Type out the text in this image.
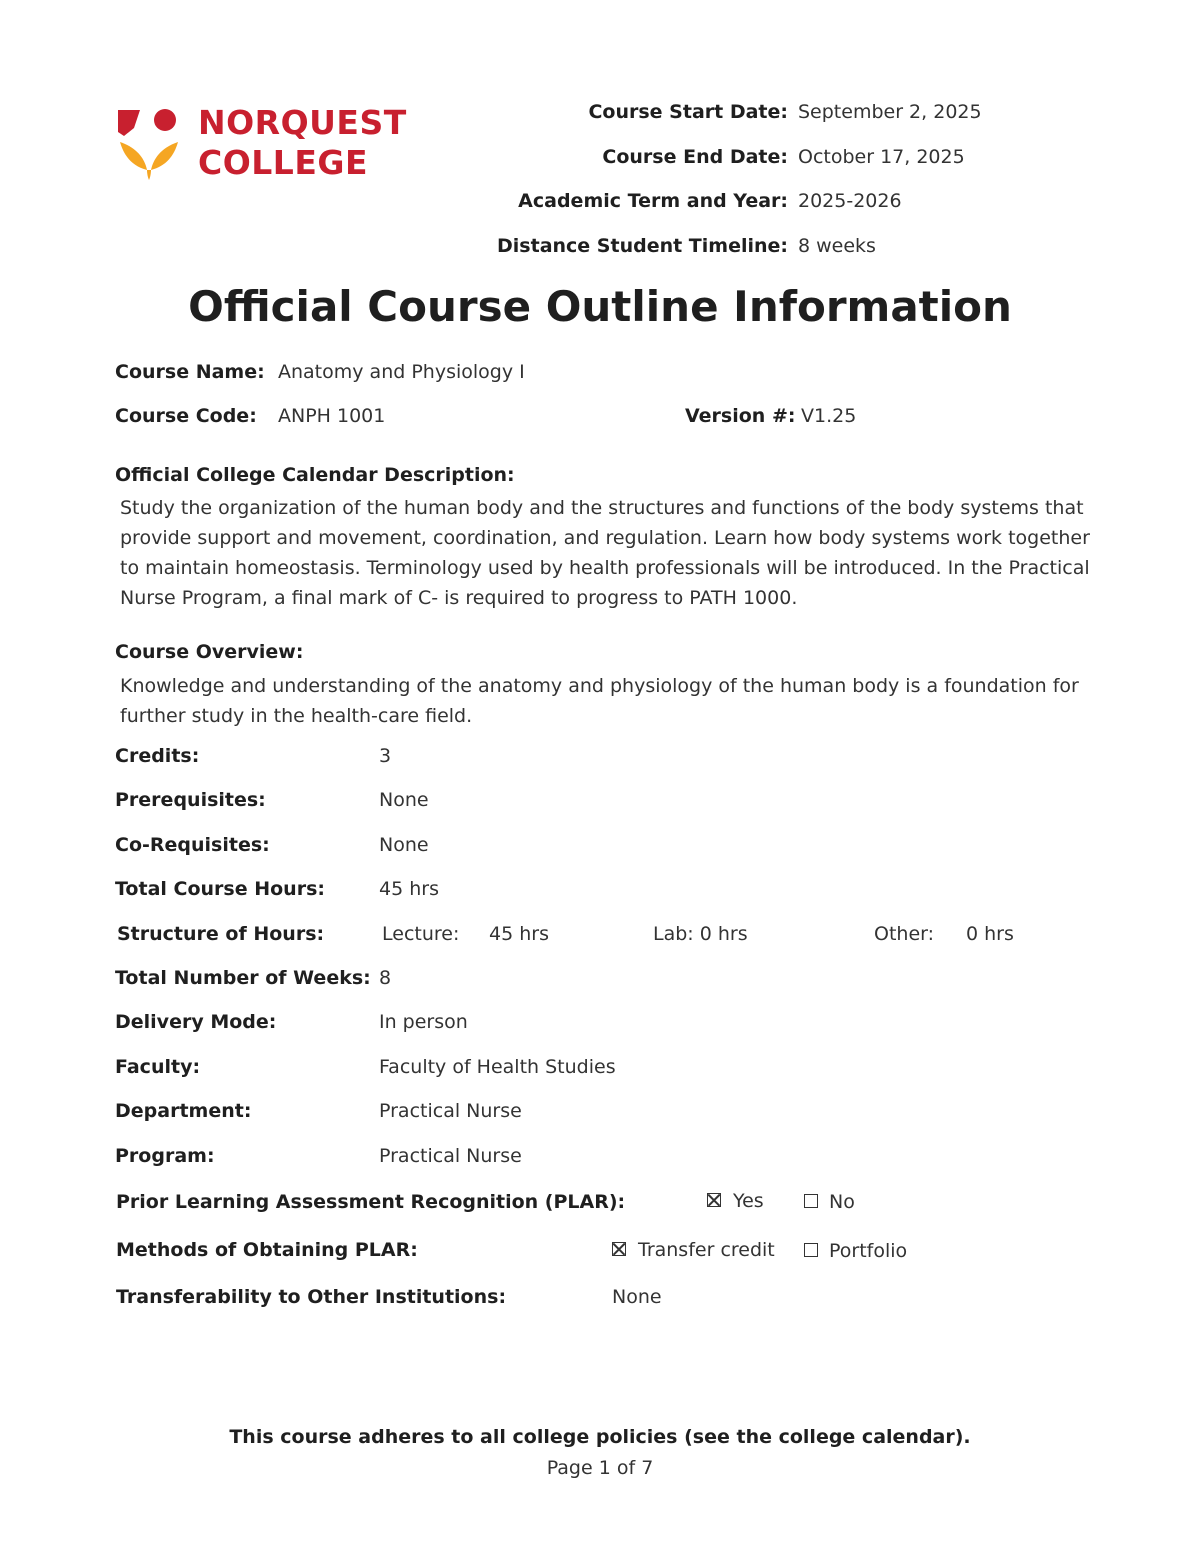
NORQUEST
COLLEGE
Course Start Date: September 2, 2025
Course End Date: October 17, 2025
Academic Term and Year: 2025-2026
Distance Student Timeline: 8 weeks
Official Course Outline Information
Course Name: Anatomy and Physiology I
Course Code: ANPH 1001	Version #: V1.25
Official College Calendar Description:
Study the organization of the human body and the structures and functions of the body systems that provide support and movement, coordination, and regulation. Learn how body systems work together to maintain homeostasis. Terminology used by health professionals will be introduced. In the Practical Nurse Program, a final mark of C- is required to progress to PATH 1000.
Course Overview:
Knowledge and understanding of the anatomy and physiology of the human body is a foundation for further study in the health-care field.
Credits:	3
Prerequisites:	None
Co-Requisites:	None
Total Course Hours:	45 hrs
Structure of Hours:	Lecture: 45 hrs	Lab: 0 hrs	Other: 0 hrs
Total Number of Weeks: 8
Delivery Mode:	In person
Faculty:	Faculty of Health Studies
Department:	Practical Nurse
Program:	Practical Nurse
Prior Learning Assessment Recognition (PLAR):	Yes	No
Methods of Obtaining PLAR:	Transfer credit	Portfolio
Transferability to Other Institutions:	None
This course adheres to all college policies (see the college calendar).
Page 1 of 7
